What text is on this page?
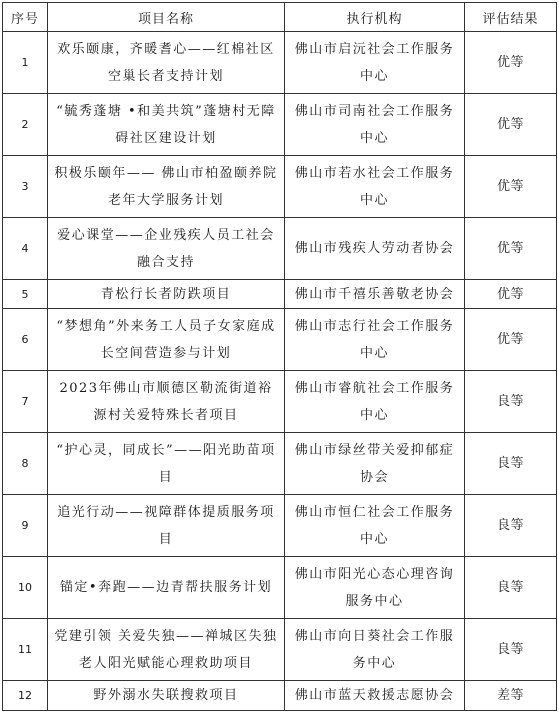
序号	项目名称	执行机构	评估结果
1	欢乐颐康，齐暖耆心——红棉社区空巢长者支持计划	佛山市启沅社会工作服务中心	优等
2	“毓秀蓬塘 •和美共筑”蓬塘村无障碍社区建设计划	佛山市司南社会工作服务中心	优等
3	积极乐颐年—— 佛山市柏盈颐养院老年大学服务计划	佛山市若水社会工作服务中心	优等
4	爱心课堂——企业残疾人员工社会融合支持	佛山市残疾人劳动者协会	优等
5	青松行长者防跌项目	佛山市千禧乐善敬老协会	优等
6	“梦想角”外来务工人员子女家庭成长空间营造参与计划	佛山市志行社会工作服务中心	优等
7	2023年佛山市顺德区勒流街道裕源村关爱特殊长者项目	佛山市睿航社会工作服务中心	良等
8	“护心灵，同成长”——阳光助苗项目	佛山市绿丝带关爱抑郁症协会	良等
9	追光行动——视障群体提质服务项目	佛山市恒仁社会工作服务中心	良等
10	锚定•奔跑——边青帮扶服务计划	佛山市阳光心态心理咨询服务中心	良等
11	党建引领 关爱失独——禅城区失独老人阳光赋能心理救助项目	佛山市向日葵社会工作服务中心	良等
12	野外溺水失联搜救项目	佛山市蓝天救援志愿协会	差等
